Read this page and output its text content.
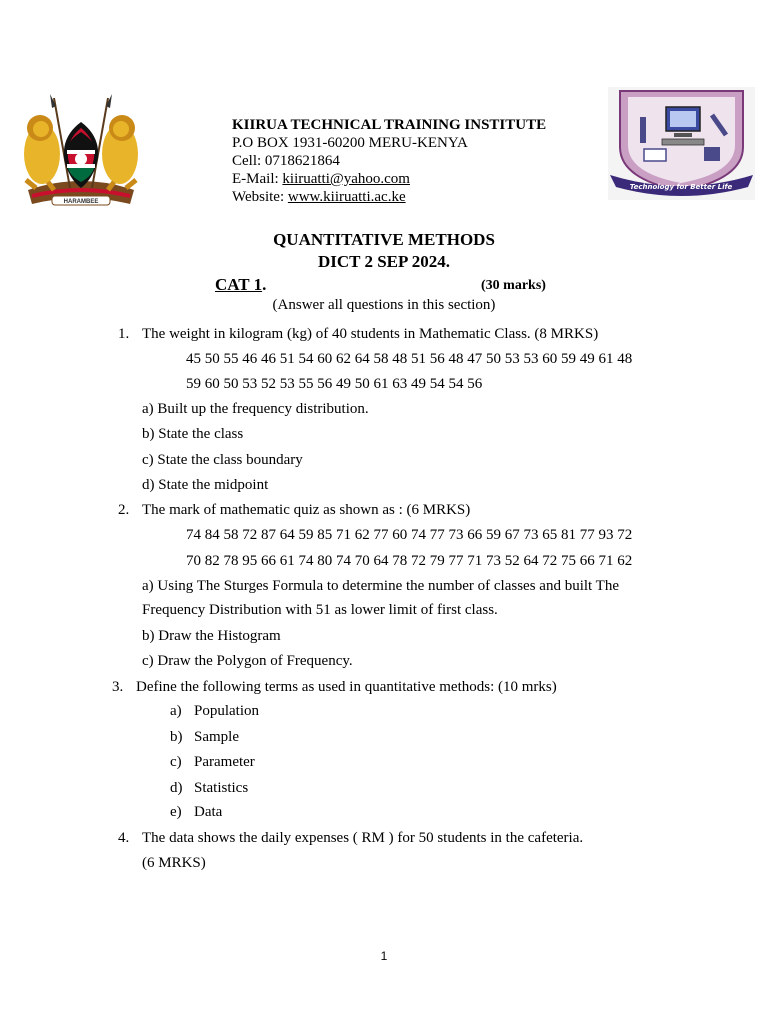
HARAMBEE
Technology for Better Life
KIIRUA TECHNICAL TRAINING INSTITUTE
P.O BOX 1931-60200 MERU-KENYA
Cell: 0718621864
E-Mail: kiiruatti@yahoo.com
Website: www.kiiruatti.ac.ke
QUANTITATIVE METHODS
DICT 2 SEP 2024.
CAT 1.	(30 marks)
(Answer all questions in this section)
1. The weight in kilogram (kg) of 40 students in Mathematic Class. (8 MRKS)
45 50 55 46 46 51 54 60 62 64 58 48 51 56 48 47 50 53 53 60 59 49 61 48
59 60 50 53 52 53 55 56 49 50 61 63 49 54 54 56
a) Built up the frequency distribution.
b) State the class
c) State the class boundary
d) State the midpoint
2. The mark of mathematic quiz as shown as : (6 MRKS)
74 84 58 72 87 64 59 85 71 62 77 60 74 77 73 66 59 67 73 65 81 77 93 72
70 82 78 95 66 61 74 80 74 70 64 78 72 79 77 71 73 52 64 72 75 66 71 62
a) Using The Sturges Formula to determine the number of classes and built The
Frequency Distribution with 51 as lower limit of first class.
b) Draw the Histogram
c) Draw the Polygon of Frequency.
3. Define the following terms as used in quantitative methods: (10 mrks)
a) Population
b) Sample
c) Parameter
d) Statistics
e) Data
4. The data shows the daily expenses ( RM ) for 50 students in the cafeteria.
(6 MRKS)
1
